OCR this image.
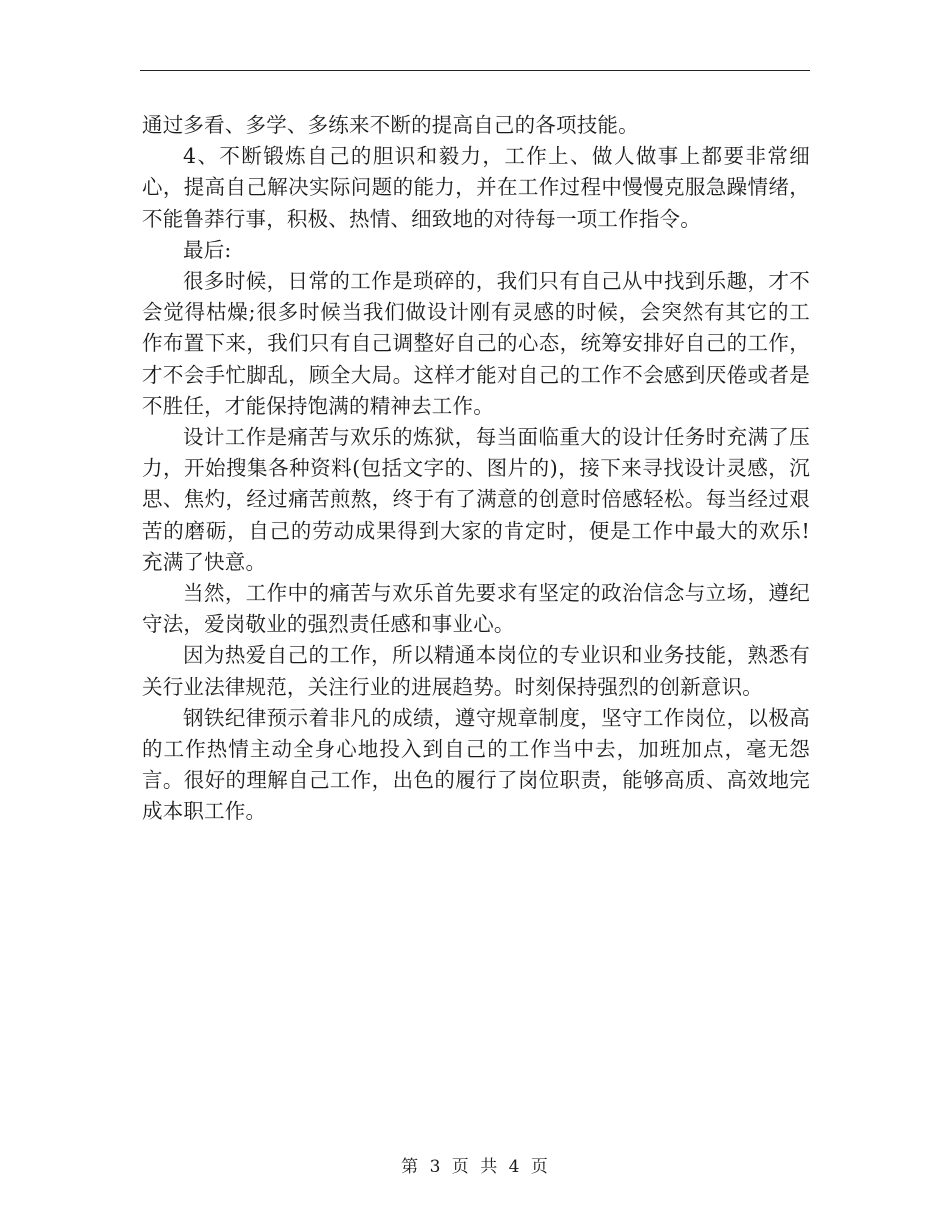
通过多看、多学、多练来不断的提高自己的各项技能。

4、不断锻炼自己的胆识和毅力，工作上、做人做事上都要非常细心，提高自己解决实际问题的能力，并在工作过程中慢慢克服急躁情绪，不能鲁莽行事，积极、热情、细致地的对待每一项工作指令。

最后:

很多时候，日常的工作是琐碎的，我们只有自己从中找到乐趣，才不会觉得枯燥;很多时候当我们做设计刚有灵感的时候，会突然有其它的工作布置下来，我们只有自己调整好自己的心态，统筹安排好自己的工作，才不会手忙脚乱，顾全大局。这样才能对自己的工作不会感到厌倦或者是不胜任，才能保持饱满的精神去工作。

设计工作是痛苦与欢乐的炼狱，每当面临重大的设计任务时充满了压力，开始搜集各种资料(包括文字的、图片的)，接下来寻找设计灵感，沉思、焦灼，经过痛苦煎熬，终于有了满意的创意时倍感轻松。每当经过艰苦的磨砺，自己的劳动成果得到大家的肯定时，便是工作中最大的欢乐!充满了快意。

当然，工作中的痛苦与欢乐首先要求有坚定的政治信念与立场，遵纪守法，爱岗敬业的强烈责任感和事业心。

因为热爱自己的工作，所以精通本岗位的专业识和业务技能，熟悉有关行业法律规范，关注行业的进展趋势。时刻保持强烈的创新意识。

钢铁纪律预示着非凡的成绩，遵守规章制度，坚守工作岗位，以极高的工作热情主动全身心地投入到自己的工作当中去，加班加点，毫无怨言。很好的理解自己工作，出色的履行了岗位职责，能够高质、高效地完成本职工作。

第 3 页 共 4 页
